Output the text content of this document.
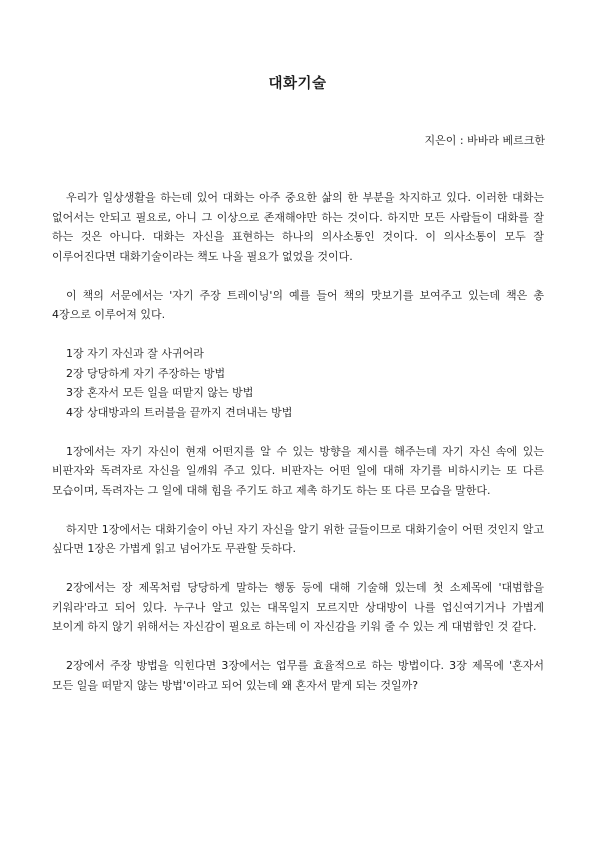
대화기술
지은이 : 바바라 베르크한

우리가 일상생활을 하는데 있어 대화는 아주 중요한 삶의 한 부분을 차지하고 있다. 이러한 대화는 없어서는 안되고 필요로, 아니 그 이상으로 존재해야만 하는 것이다. 하지만 모든 사람들이 대화를 잘 하는 것은 아니다. 대화는 자신을 표현하는 하나의 의사소통인 것이다. 이 의사소통이 모두 잘 이루어진다면 대화기술이라는 책도 나올 필요가 없었을 것이다.

이 책의 서문에서는 '자기 주장 트레이닝'의 예를 들어 책의 맛보기를 보여주고 있는데 책은 총 4장으로 이루어져 있다.

1장 자기 자신과 잘 사귀어라
2장 당당하게 자기 주장하는 방법
3장 혼자서 모든 일을 떠맡지 않는 방법
4장 상대방과의 트러블을 끝까지 견뎌내는 방법

1장에서는 자기 자신이 현재 어떤지를 알 수 있는 방향을 제시를 해주는데 자기 자신 속에 있는 비판자와 독려자로 자신을 일깨워 주고 있다. 비판자는 어떤 일에 대해 자기를 비하시키는 또 다른 모습이며, 독려자는 그 일에 대해 힘을 주기도 하고 제촉 하기도 하는 또 다른 모습을 말한다.

하지만 1장에서는 대화기술이 아닌 자기 자신을 알기 위한 글들이므로 대화기술이 어떤 것인지 알고 싶다면 1장은 가볍게 읽고 넘어가도 무관할 듯하다.

2장에서는 장 제목처럼 당당하게 말하는 행동 등에 대해 기술해 있는데 첫 소제목에 '대범함을 키워라'라고 되어 있다. 누구나 알고 있는 대목일지 모르지만 상대방이 나를 업신여기거나 가볍게 보이게 하지 않기 위해서는 자신감이 필요로 하는데 이 자신감을 키워 줄 수 있는 게 대범함인 것 같다.

2장에서 주장 방법을 익힌다면 3장에서는 업무를 효율적으로 하는 방법이다. 3장 제목에 '혼자서 모든 일을 떠맡지 않는 방법'이라고 되어 있는데 왜 혼자서 맡게 되는 것일까?
